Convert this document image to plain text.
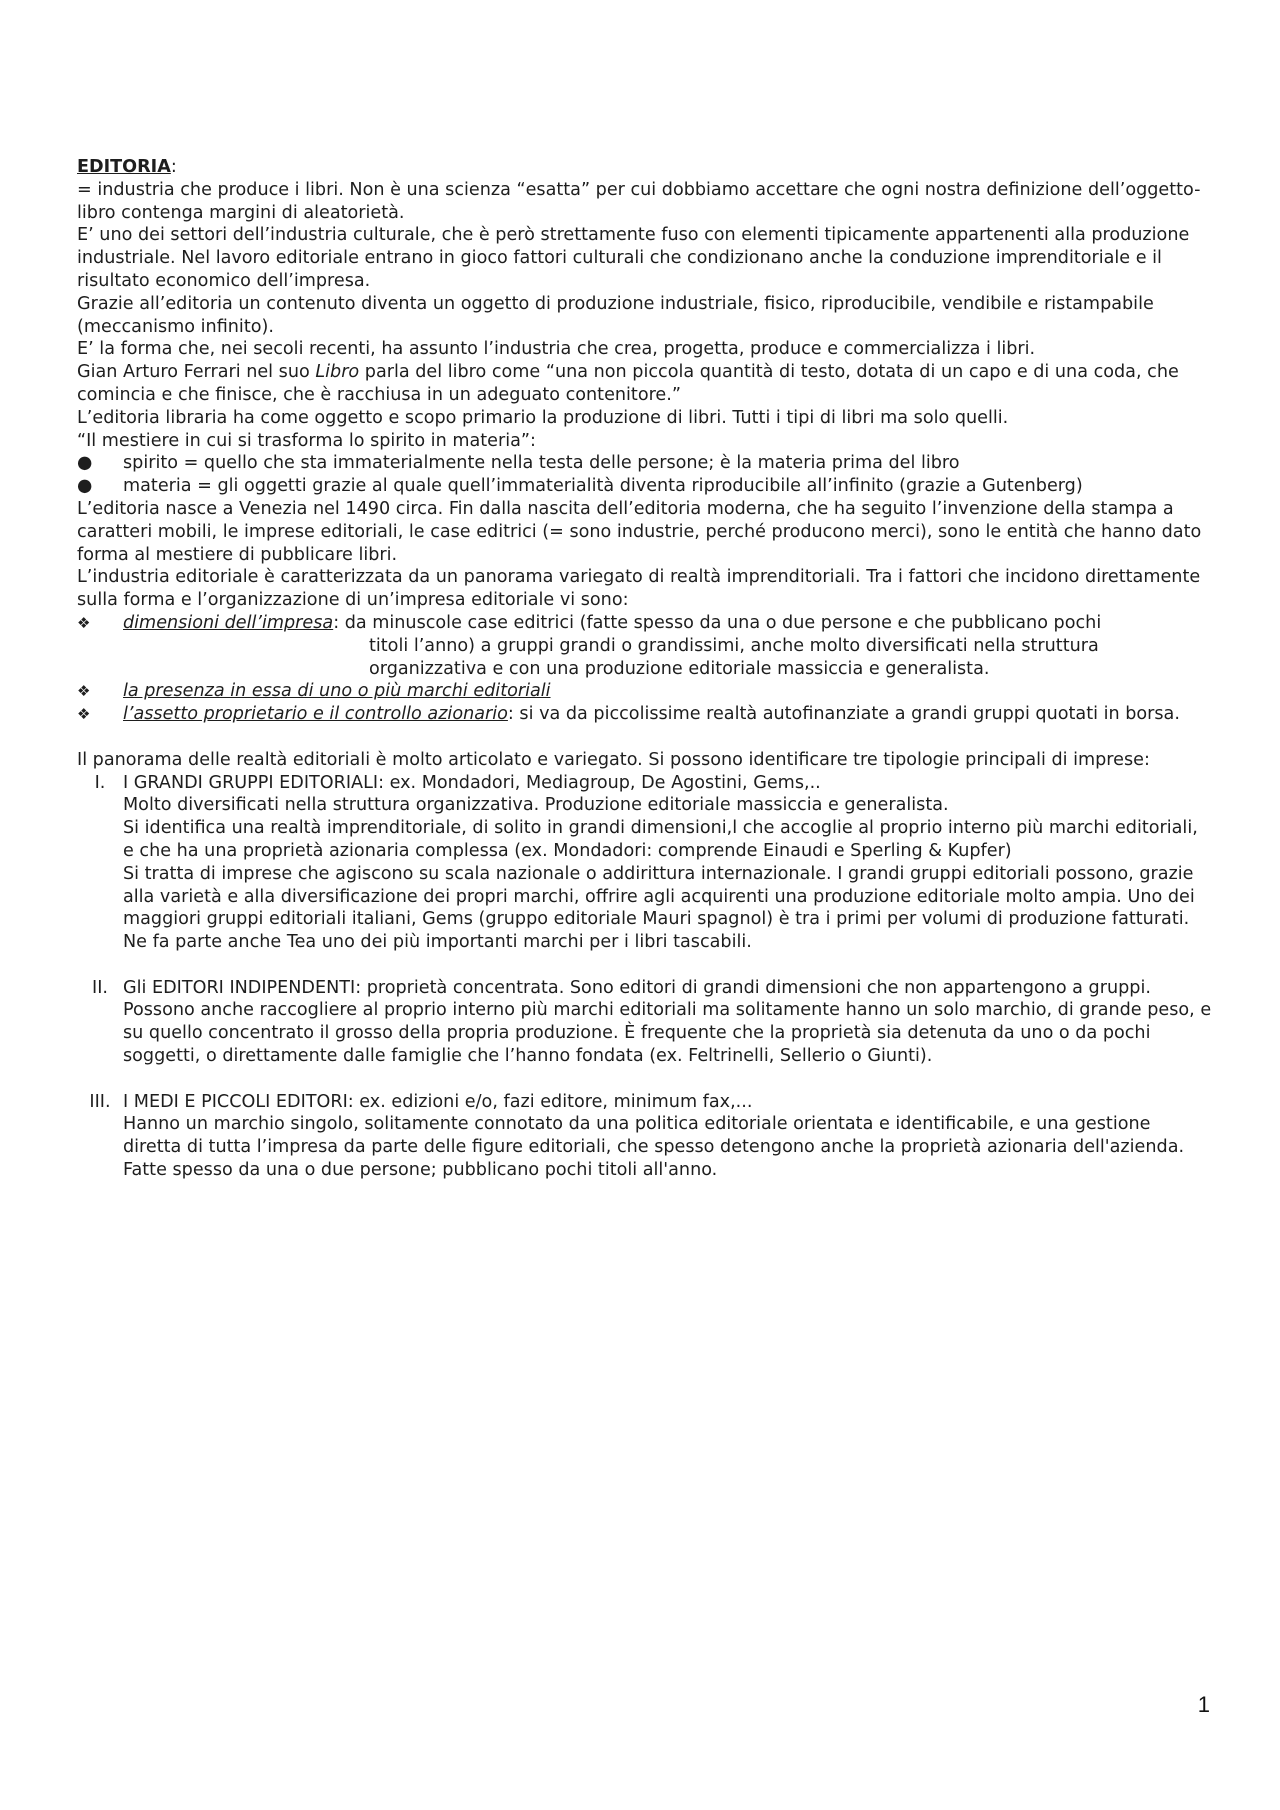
EDITORIA:

= industria che produce i libri. Non è una scienza “esatta” per cui dobbiamo accettare che ogni nostra definizione dell’oggetto-libro contenga margini di aleatorietà.

E’ uno dei settori dell’industria culturale, che è però strettamente fuso con elementi tipicamente appartenenti alla produzione industriale. Nel lavoro editoriale entrano in gioco fattori culturali che condizionano anche la conduzione imprenditoriale e il risultato economico dell’impresa.

Grazie all’editoria un contenuto diventa un oggetto di produzione industriale, fisico, riproducibile, vendibile e ristampabile (meccanismo infinito).

E’ la forma che, nei secoli recenti, ha assunto l’industria che crea, progetta, produce e commercializza i libri.

Gian Arturo Ferrari nel suo Libro parla del libro come “una non piccola quantità di testo, dotata di un capo e di una coda, che comincia e che finisce, che è racchiusa in un adeguato contenitore.”

L’editoria libraria ha come oggetto e scopo primario la produzione di libri. Tutti i tipi di libri ma solo quelli.

“Il mestiere in cui si trasforma lo spirito in materia”:

●	spirito = quello che sta immaterialmente nella testa delle persone; è la materia prima del libro
●	materia = gli oggetti grazie al quale quell’immaterialità diventa riproducibile all’infinito (grazie a Gutenberg)

L’editoria nasce a Venezia nel 1490 circa. Fin dalla nascita dell’editoria moderna, che ha seguito l’invenzione della stampa a caratteri mobili, le imprese editoriali, le case editrici (= sono industrie, perché producono merci), sono le entità che hanno dato forma al mestiere di pubblicare libri.

L’industria editoriale è caratterizzata da un panorama variegato di realtà imprenditoriali. Tra i fattori che incidono direttamente sulla forma e l’organizzazione di un’impresa editoriale vi sono:

❖	dimensioni dell’impresa: da minuscole case editrici (fatte spesso da una o due persone e che pubblicano pochi
titoli l’anno) a gruppi grandi o grandissimi, anche molto diversificati nella struttura organizzativa e con una produzione editoriale massiccia e generalista.
❖	la presenza in essa di uno o più marchi editoriali
❖	l’assetto proprietario e il controllo azionario: si va da piccolissime realtà autofinanziate a grandi gruppi quotati in borsa.

Il panorama delle realtà editoriali è molto articolato e variegato. Si possono identificare tre tipologie principali di imprese:

I.	I GRANDI GRUPPI EDITORIALI: ex. Mondadori, Mediagroup, De Agostini, Gems,..

Molto diversificati nella struttura organizzativa. Produzione editoriale massiccia e generalista.

Si identifica una realtà imprenditoriale, di solito in grandi dimensioni,l che accoglie al proprio interno più marchi editoriali, e che ha una proprietà azionaria complessa (ex. Mondadori: comprende Einaudi e Sperling & Kupfer)

Si tratta di imprese che agiscono su scala nazionale o addirittura internazionale. I grandi gruppi editoriali possono, grazie alla varietà e alla diversificazione dei propri marchi, offrire agli acquirenti una produzione editoriale molto ampia. Uno dei maggiori gruppi editoriali italiani, Gems (gruppo editoriale Mauri spagnol) è tra i primi per volumi di produzione fatturati. Ne fa parte anche Tea uno dei più importanti marchi per i libri tascabili.

II. Gli EDITORI INDIPENDENTI: proprietà concentrata. Sono editori di grandi dimensioni che non appartengono a gruppi. Possono anche raccogliere al proprio interno più marchi editoriali ma solitamente hanno un solo marchio, di grande peso, e su quello concentrato il grosso della propria produzione. È frequente che la proprietà sia detenuta da uno o da pochi soggetti, o direttamente dalle famiglie che l’hanno fondata (ex. Feltrinelli, Sellerio o Giunti).

III. I MEDI E PICCOLI EDITORI: ex. edizioni e/o, fazi editore, minimum fax,...

Hanno un marchio singolo, solitamente connotato da una politica editoriale orientata e identificabile, e una gestione diretta di tutta l’impresa da parte delle figure editoriali, che spesso detengono anche la proprietà azionaria dell'azienda. Fatte spesso da una o due persone; pubblicano pochi titoli all'anno.

1
